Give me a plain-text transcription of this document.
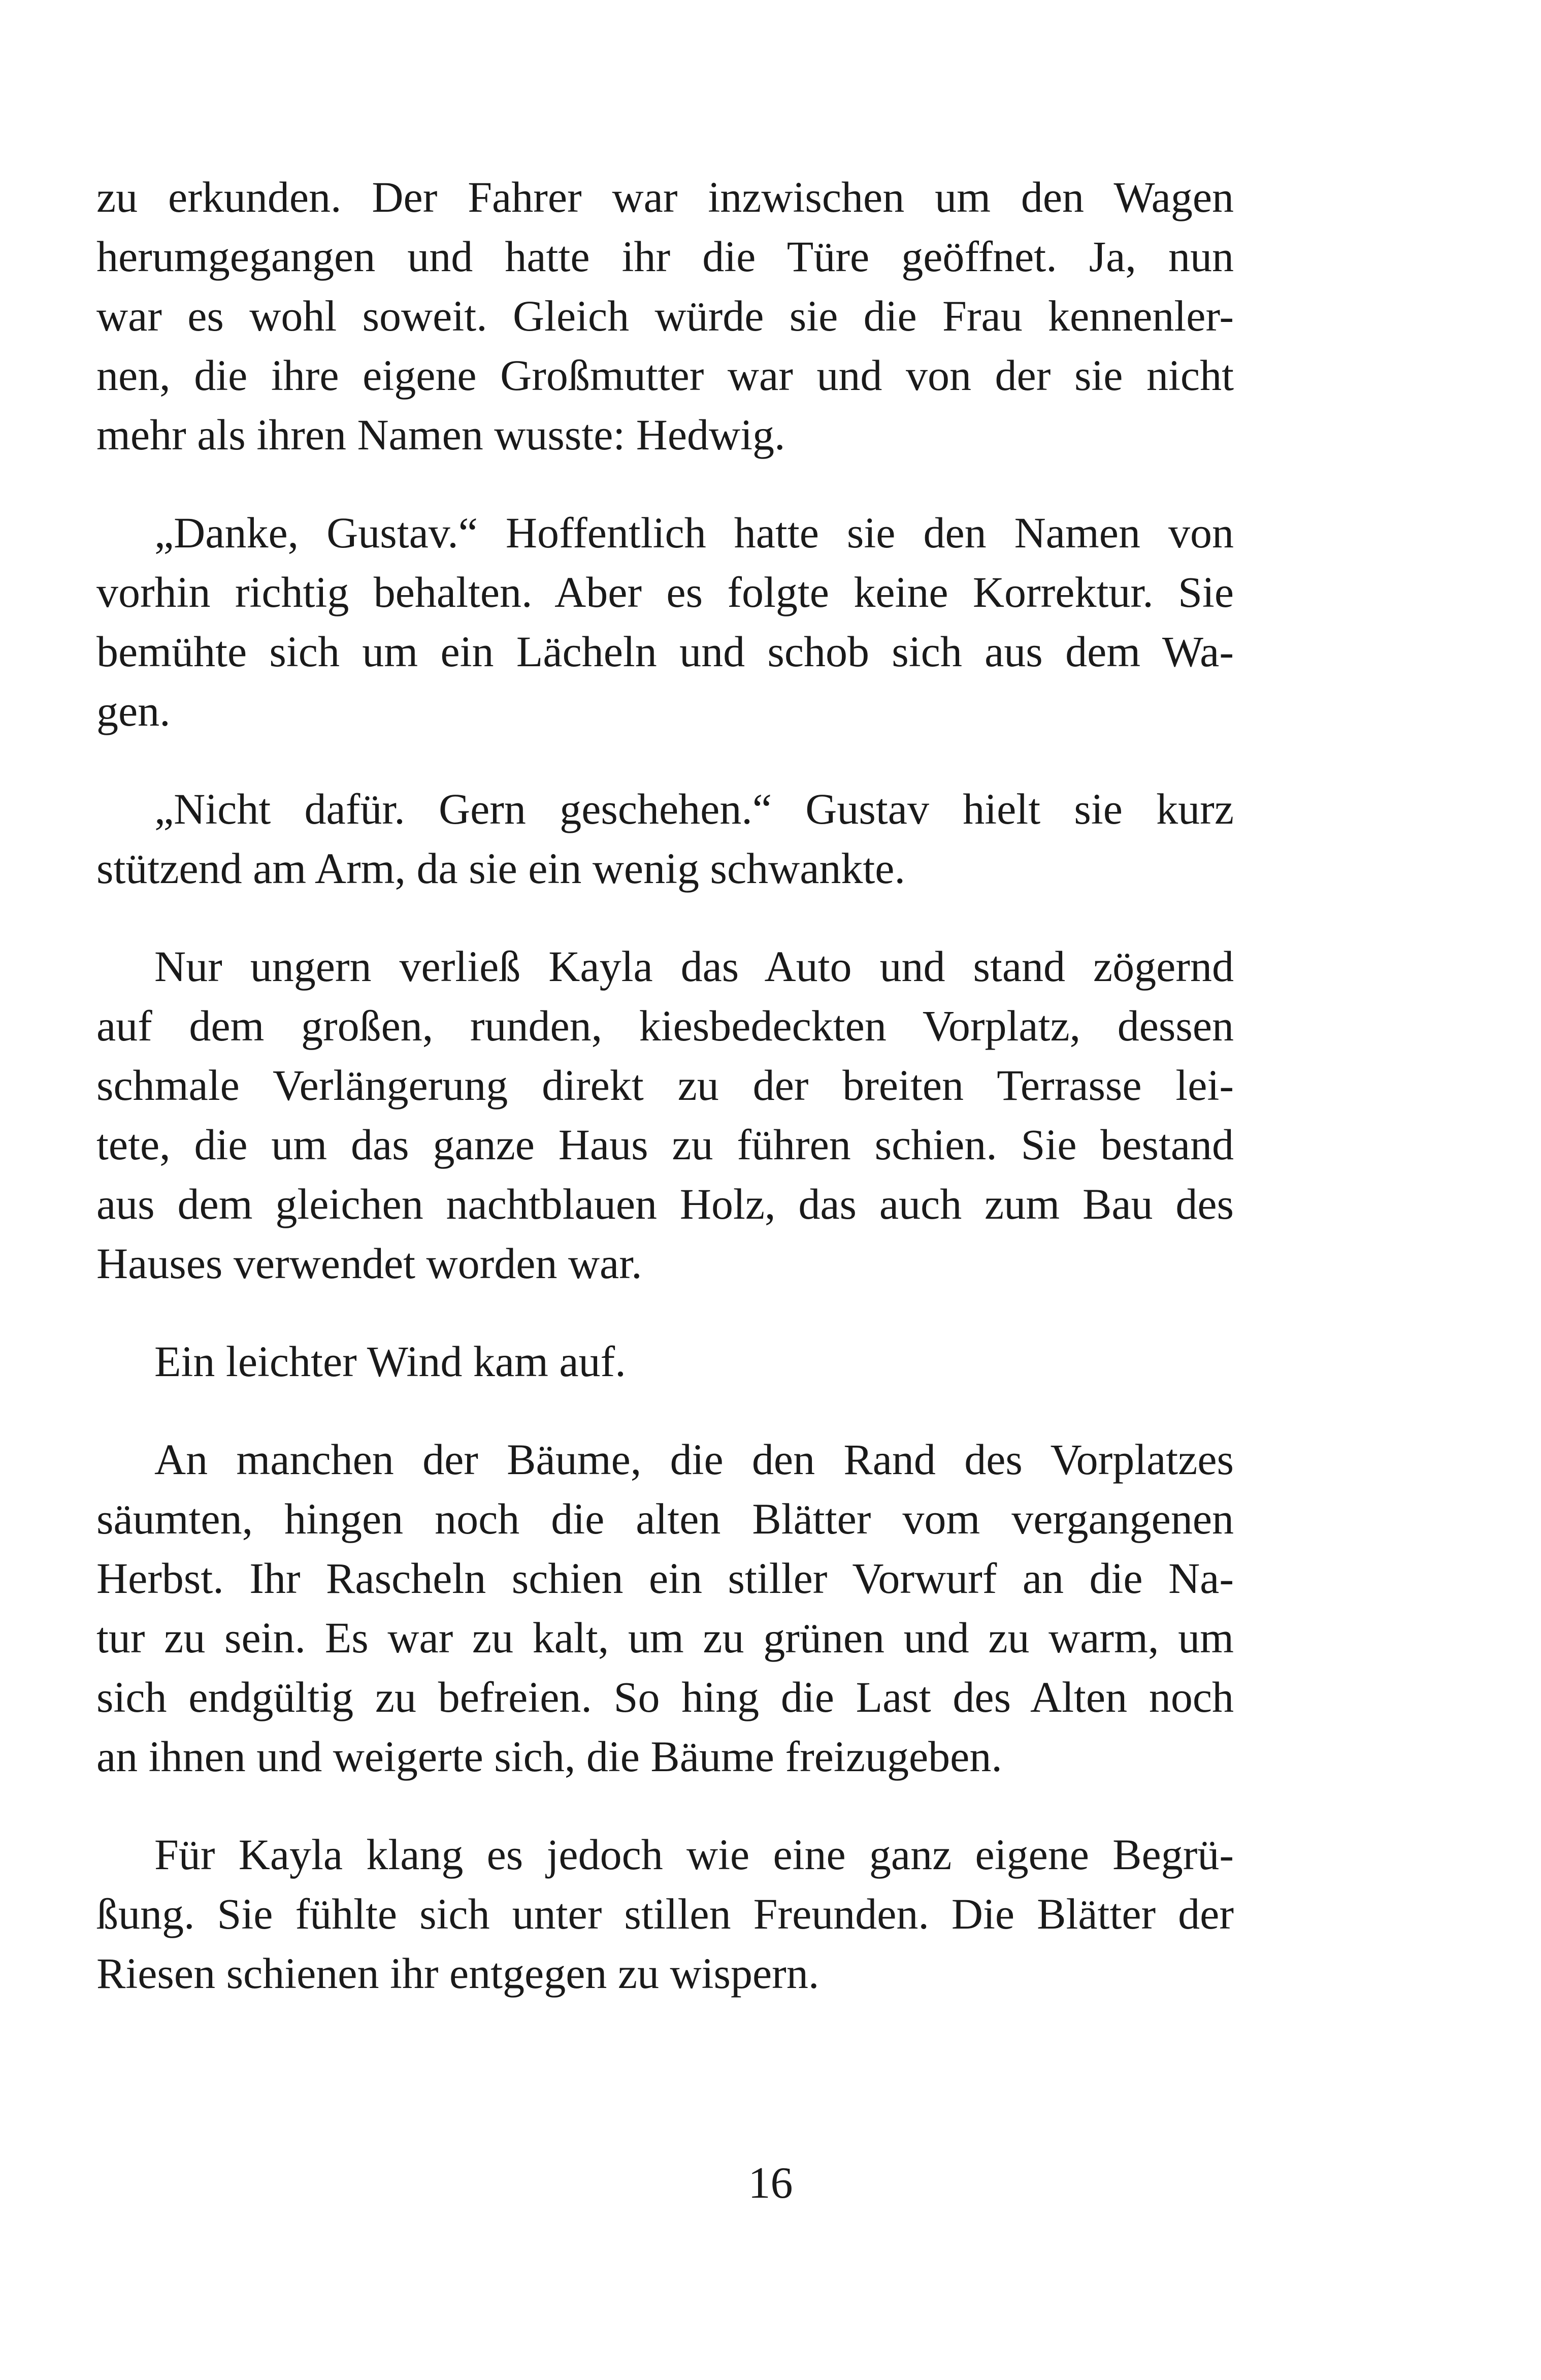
zu erkunden. Der Fahrer war inzwischen um den Wagen
herumgegangen und hatte ihr die Türe geöffnet. Ja, nun
war es wohl soweit. Gleich würde sie die Frau kennenler-
nen, die ihre eigene Großmutter war und von der sie nicht
mehr als ihren Namen wusste: Hedwig.

„Danke, Gustav.“ Hoffentlich hatte sie den Namen von
vorhin richtig behalten. Aber es folgte keine Korrektur. Sie
bemühte sich um ein Lächeln und schob sich aus dem Wa-
gen.

„Nicht dafür. Gern geschehen.“ Gustav hielt sie kurz
stützend am Arm, da sie ein wenig schwankte.

Nur ungern verließ Kayla das Auto und stand zögernd
auf dem großen, runden, kiesbedeckten Vorplatz, dessen
schmale Verlängerung direkt zu der breiten Terrasse lei-
tete, die um das ganze Haus zu führen schien. Sie bestand
aus dem gleichen nachtblauen Holz, das auch zum Bau des
Hauses verwendet worden war.

Ein leichter Wind kam auf.

An manchen der Bäume, die den Rand des Vorplatzes
säumten, hingen noch die alten Blätter vom vergangenen
Herbst. Ihr Rascheln schien ein stiller Vorwurf an die Na-
tur zu sein. Es war zu kalt, um zu grünen und zu warm, um
sich endgültig zu befreien. So hing die Last des Alten noch
an ihnen und weigerte sich, die Bäume freizugeben.

Für Kayla klang es jedoch wie eine ganz eigene Begrü-
ßung. Sie fühlte sich unter stillen Freunden. Die Blätter der
Riesen schienen ihr entgegen zu wispern.

16
